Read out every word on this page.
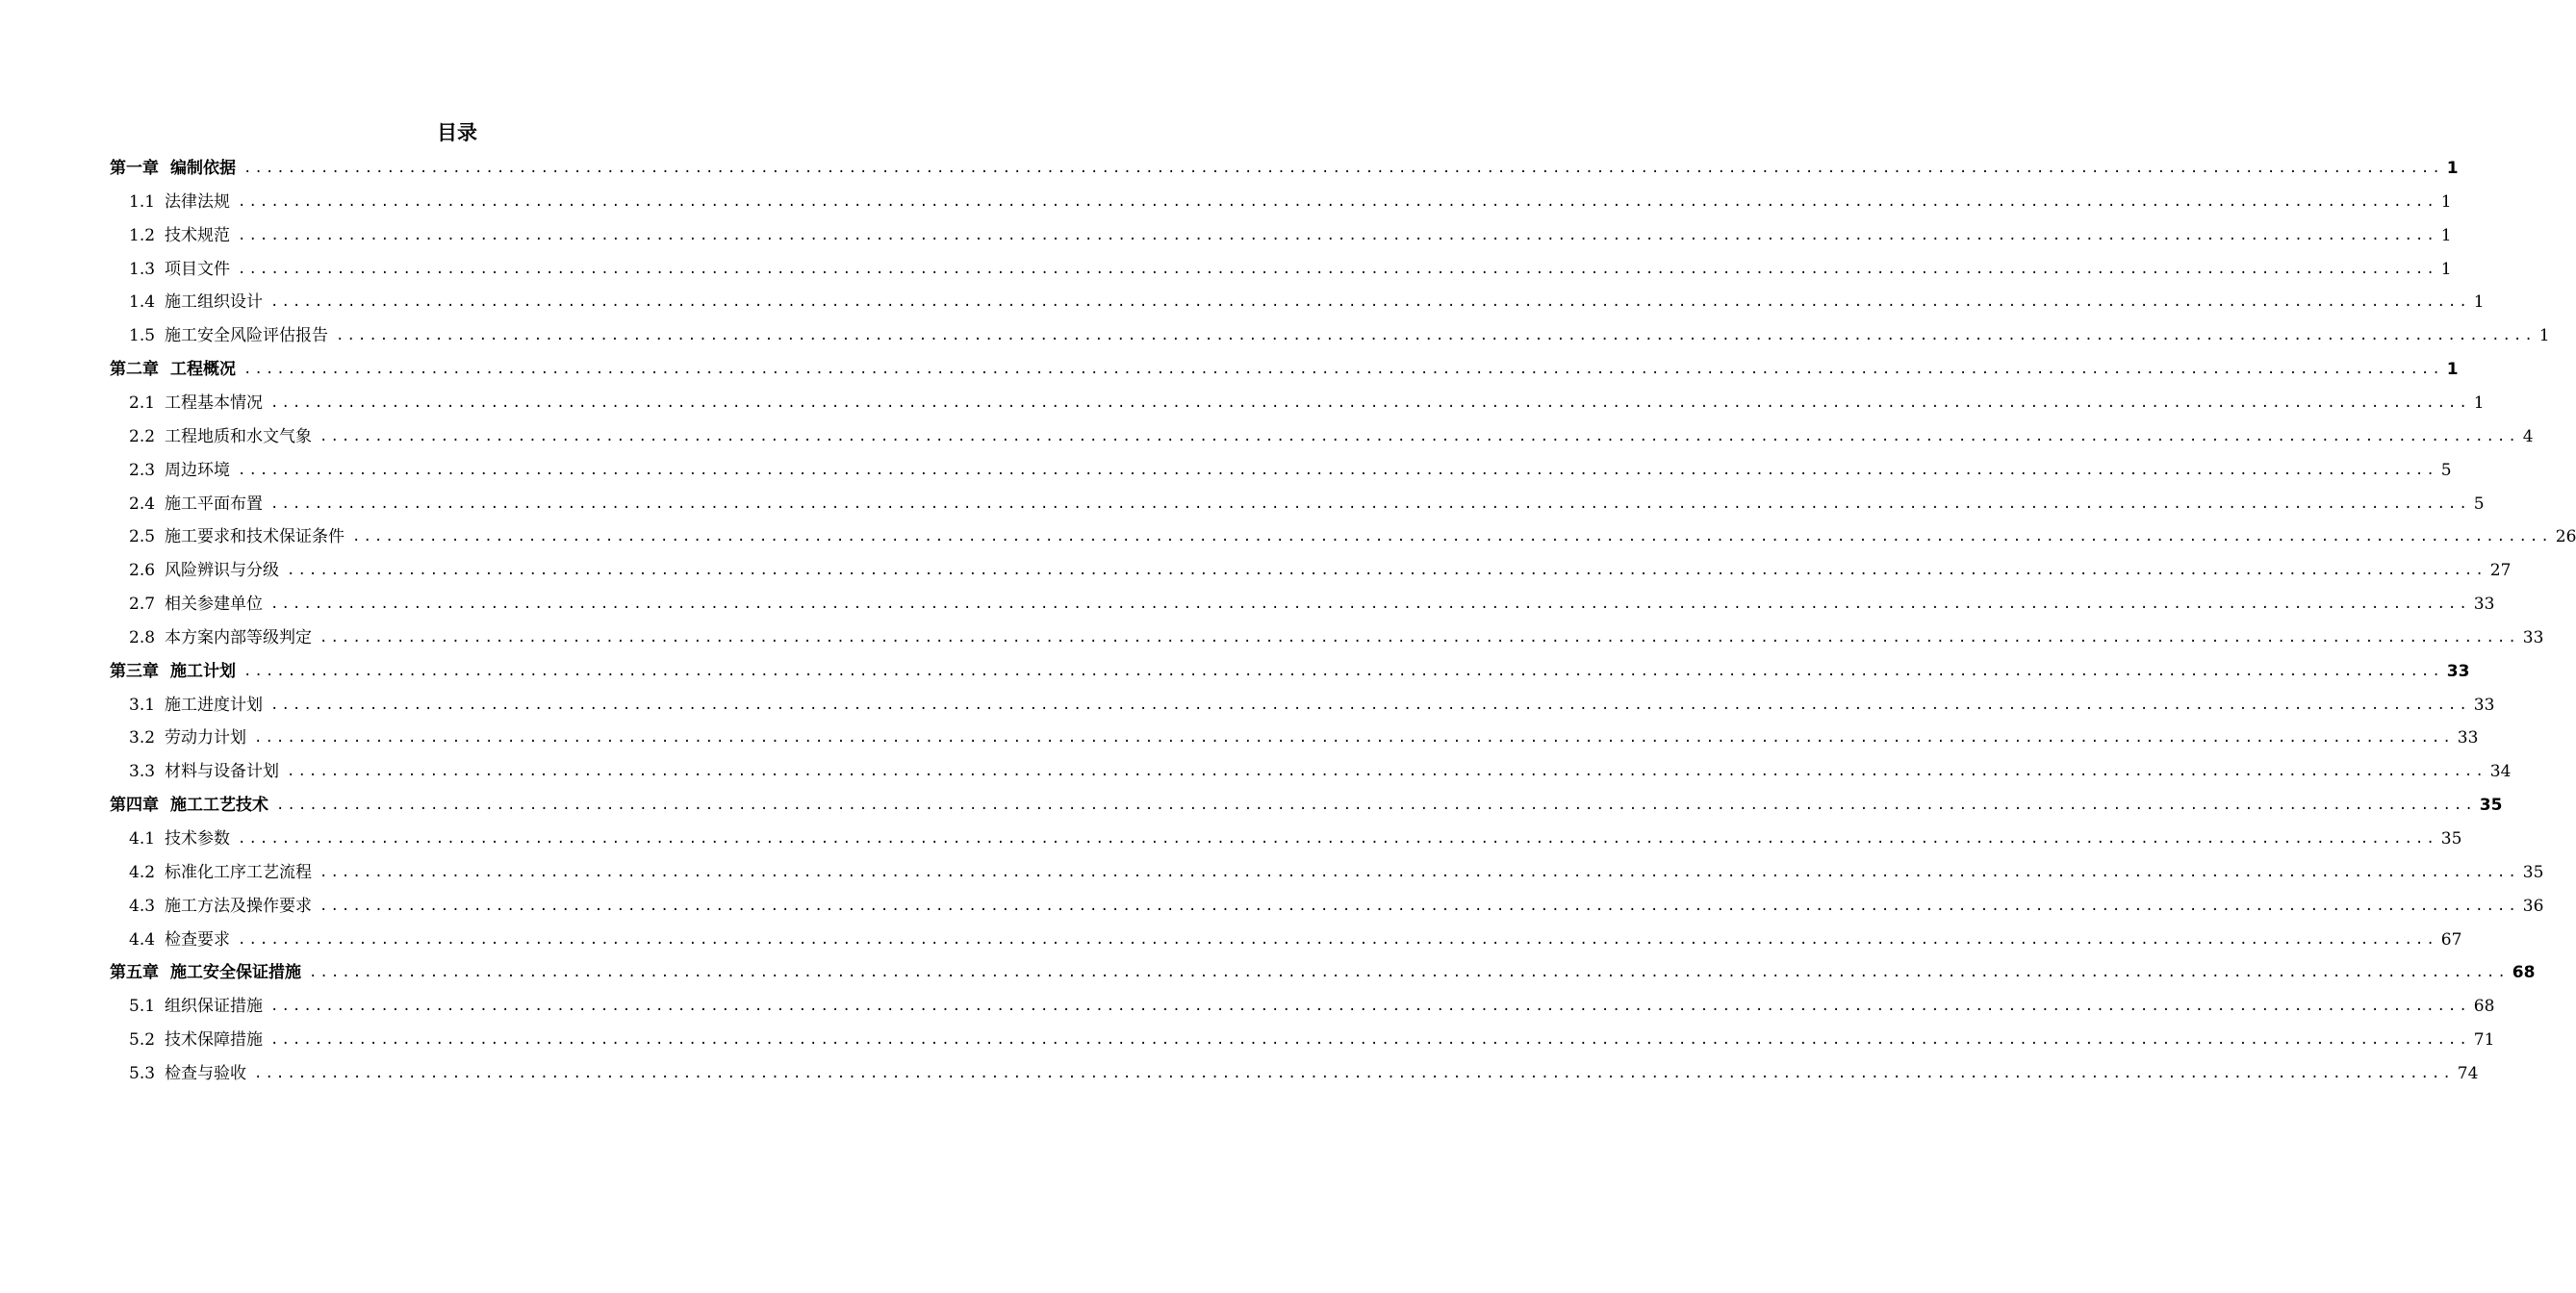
目录
第一章 编制依据 ........................................................................................................................................................................................................ 1
1.1 法律法规 ........................................................................................................................................................................................................ 1
1.2 技术规范 ........................................................................................................................................................................................................ 1
1.3 项目文件 ........................................................................................................................................................................................................ 1
1.4 施工组织设计 ........................................................................................................................................................................................................ 1
1.5 施工安全风险评估报告 ........................................................................................................................................................................................................ 1
第二章 工程概况 ........................................................................................................................................................................................................ 1
2.1 工程基本情况 ........................................................................................................................................................................................................ 1
2.2 工程地质和水文气象 ........................................................................................................................................................................................................ 4
2.3 周边环境 ........................................................................................................................................................................................................ 5
2.4 施工平面布置 ........................................................................................................................................................................................................ 5
2.5 施工要求和技术保证条件 ........................................................................................................................................................................................................ 26
2.6 风险辨识与分级 ........................................................................................................................................................................................................ 27
2.7 相关参建单位 ........................................................................................................................................................................................................ 33
2.8 本方案内部等级判定 ........................................................................................................................................................................................................ 33
第三章 施工计划 ........................................................................................................................................................................................................ 33
3.1 施工进度计划 ........................................................................................................................................................................................................ 33
3.2 劳动力计划 ........................................................................................................................................................................................................ 33
3.3 材料与设备计划 ........................................................................................................................................................................................................ 34
第四章 施工工艺技术 ........................................................................................................................................................................................................ 35
4.1 技术参数 ........................................................................................................................................................................................................ 35
4.2 标准化工序工艺流程 ........................................................................................................................................................................................................ 35
4.3 施工方法及操作要求 ........................................................................................................................................................................................................ 36
4.4 检查要求 ........................................................................................................................................................................................................ 67
第五章 施工安全保证措施 ........................................................................................................................................................................................................ 68
5.1 组织保证措施 ........................................................................................................................................................................................................ 68
5.2 技术保障措施 ........................................................................................................................................................................................................ 71
5.3 检查与验收 ........................................................................................................................................................................................................ 74
